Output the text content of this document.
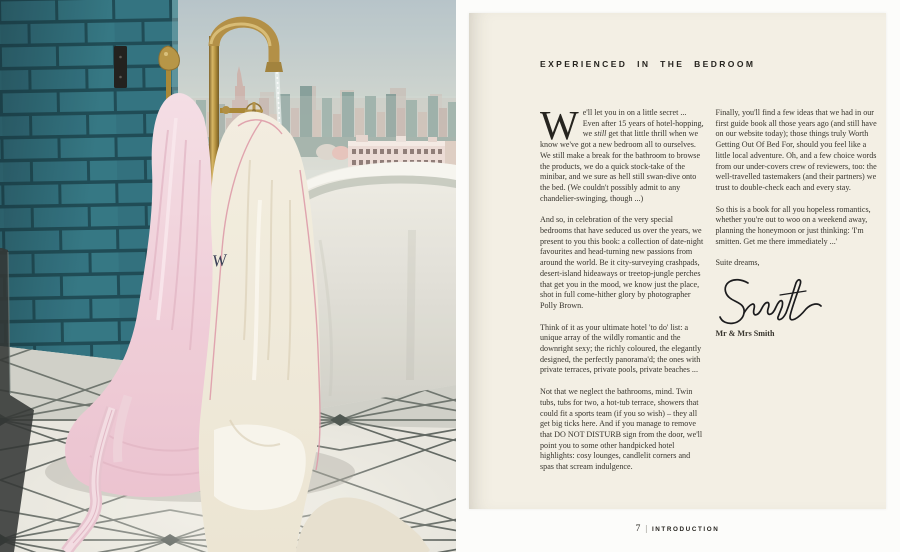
W
EXPERIENCED IN THE BEDROOM

We'll let you in on a little secret ... Even after 15 years of hotel-hopping, we still get that little thrill when we know we've got a new bedroom all to ourselves. We still make a break for the bathroom to browse the products, we do a quick stock-take of the minibar, and we sure as hell still swan-dive onto the bed. (We couldn't possibly admit to any chandelier-swinging, though ...)

And so, in celebration of the very special bedrooms that have seduced us over the years, we present to you this book: a collection of date-night favourites and head-turning new passions from around the world. Be it city-surveying crashpads, desert-island hideaways or treetop-jungle perches that get you in the mood, we know just the place, shot in full come-hither glory by photographer Polly Brown.

Think of it as your ultimate hotel 'to do' list: a unique array of the wildly romantic and the downright sexy; the richly coloured, the elegantly designed, the perfectly panorama'd; the ones with private terraces, private pools, private beaches ...

Not that we neglect the bathrooms, mind. Twin tubs, tubs for two, a hot-tub terrace, showers that could fit a sports team (if you so wish) – they all get big ticks here. And if you manage to remove that DO NOT DISTURB sign from the door, we'll point you to some other handpicked hotel highlights: cosy lounges, candlelit corners and spas that scream indulgence.

Finally, you'll find a few ideas that we had in our first guide book all those years ago (and still have on our website today); those things truly Worth Getting Out Of Bed For, should you feel like a little local adventure. Oh, and a few choice words from our under-covers crew of reviewers, too: the well-travelled tastemakers (and their partners) we trust to double-check each and every stay.

So this is a book for all you hopeless romantics, whether you're out to woo on a weekend away, planning the honeymoon or just thinking: 'I'm smitten. Get me there immediately ...'

Suite dreams,

Mr & Mrs Smith

7 | INTRODUCTION
